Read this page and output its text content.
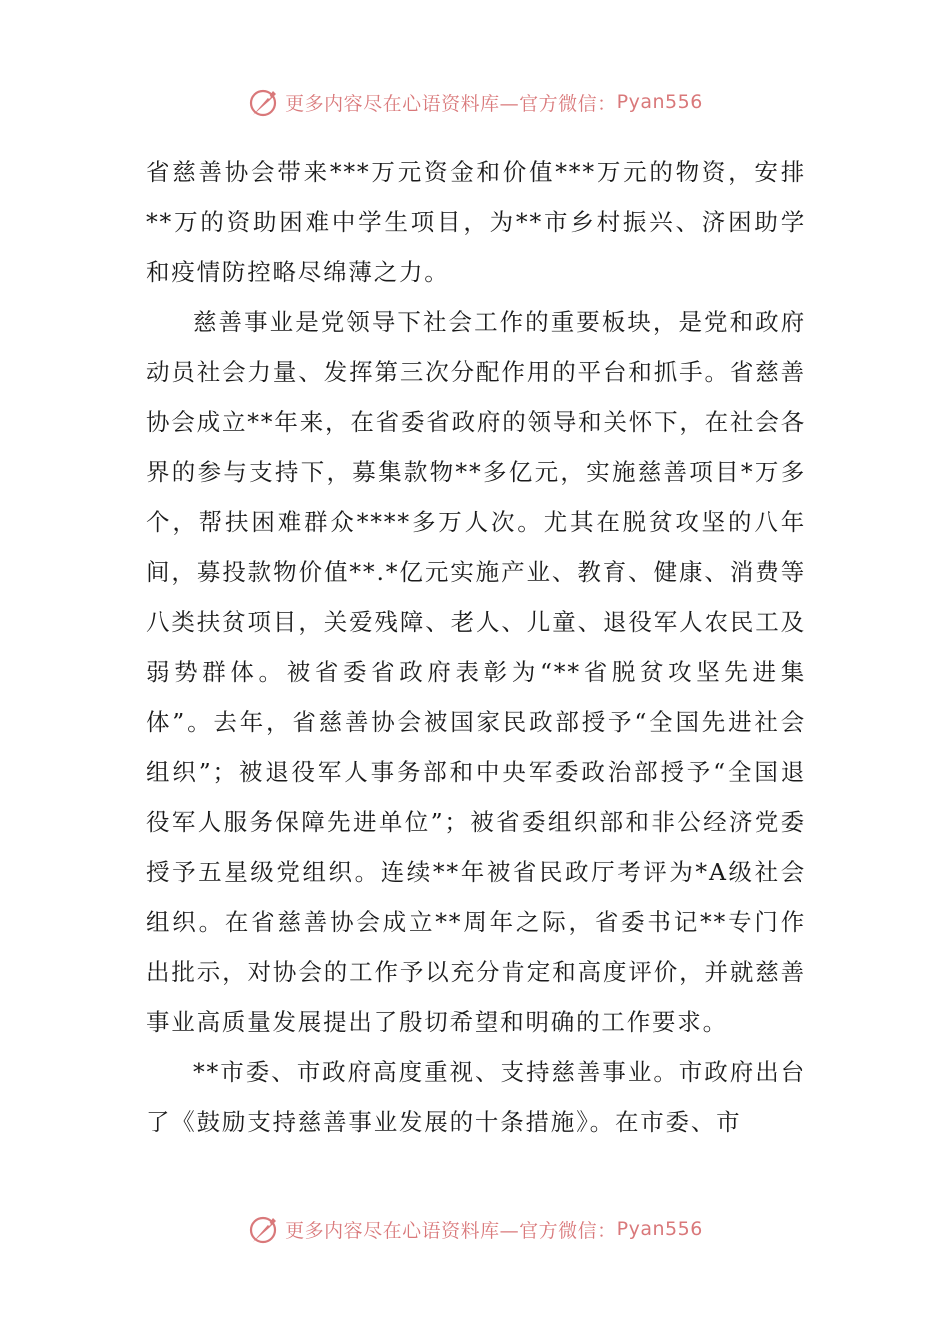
更多内容尽在心语资料库—官方微信： Pyan556

省慈善协会带来***万元资金和价值***万元的物资，安排**万的资助困难中学生项目，为**市乡村振兴、济困助学和疫情防控略尽绵薄之力。

慈善事业是党领导下社会工作的重要板块，是党和政府动员社会力量、发挥第三次分配作用的平台和抓手。省慈善协会成立**年来，在省委省政府的领导和关怀下，在社会各界的参与支持下，募集款物**多亿元，实施慈善项目*万多个，帮扶困难群众****多万人次。尤其在脱贫攻坚的八年间，募投款物价值**.*亿元实施产业、教育、健康、消费等八类扶贫项目，关爱残障、老人、儿童、退役军人农民工及弱势群体。被省委省政府表彰为“**省脱贫攻坚先进集体”。去年，省慈善协会被国家民政部授予“全国先进社会组织”；被退役军人事务部和中央军委政治部授予“全国退役军人服务保障先进单位”；被省委组织部和非公经济党委授予五星级党组织。连续**年被省民政厅考评为*A级社会组织。在省慈善协会成立**周年之际，省委书记**专门作出批示，对协会的工作予以充分肯定和高度评价，并就慈善事业高质量发展提出了殷切希望和明确的工作要求。

**市委、市政府高度重视、支持慈善事业。市政府出台了《鼓励支持慈善事业发展的十条措施》。在市委、市

更多内容尽在心语资料库—官方微信： Pyan556
